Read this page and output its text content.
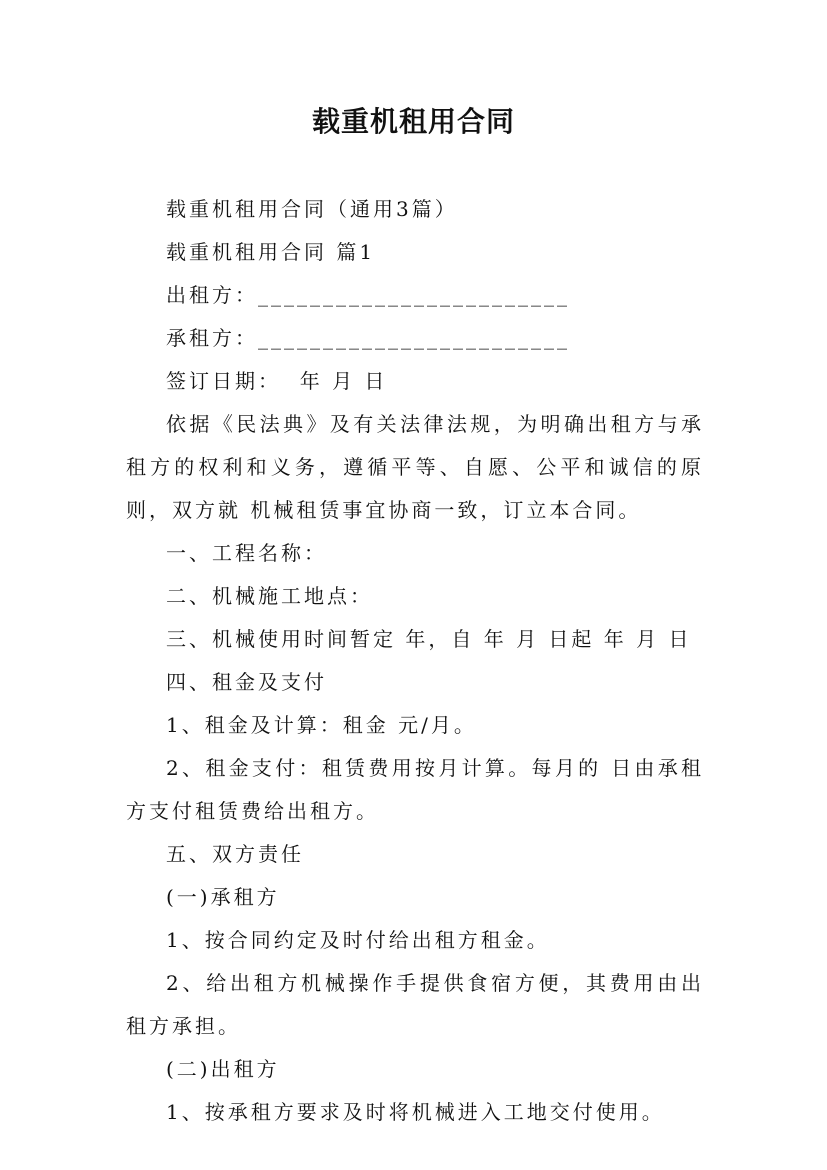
载重机租用合同

载重机租用合同（通用3篇）

载重机租用合同 篇1

出租方：________________________

承租方：________________________

签订日期：  年 月 日

依据《民法典》及有关法律法规，为明确出租方与承租方的权利和义务，遵循平等、自愿、公平和诚信的原则，双方就 机械租赁事宜协商一致，订立本合同。

一、工程名称：

二、机械施工地点：

三、机械使用时间暂定 年，自 年 月 日起 年 月 日

四、租金及支付

1、租金及计算：租金 元/月。

2、租金支付：租赁费用按月计算。每月的 日由承租方支付租赁费给出租方。

五、双方责任

(一)承租方

1、按合同约定及时付给出租方租金。

2、给出租方机械操作手提供食宿方便，其费用由出租方承担。

(二)出租方

1、按承租方要求及时将机械进入工地交付使用。
